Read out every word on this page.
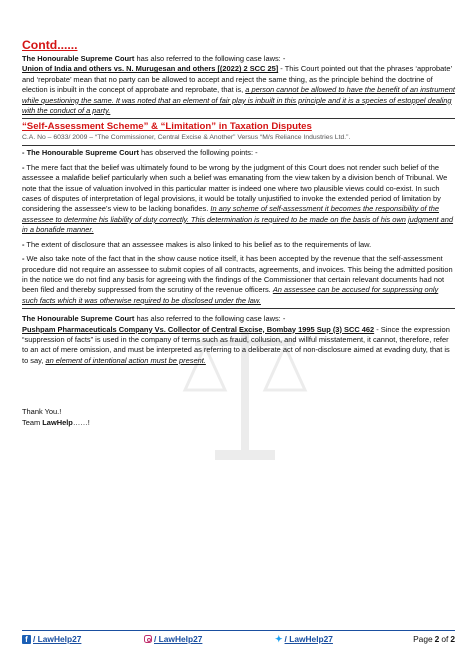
Contd......
The Honourable Supreme Court has also referred to the following case laws: -
Union of India and others vs. N. Murugesan and others [(2022) 2 SCC 25] - This Court pointed out that the phrases ‘approbate’ and ‘reprobate’ mean that no party can be allowed to accept and reject the same thing, as the principle behind the doctrine of election is inbuilt in the concept of approbate and reprobate, that is, a person cannot be allowed to have the benefit of an instrument while questioning the same. It was noted that an element of fair play is inbuilt in this principle and it is a species of estoppel dealing with the conduct of a party.
“Self-Assessment Scheme” & “Limitation” in Taxation Disputes
C.A. No – 6033/ 2009 – “The Commissioner, Central Excise & Another” Versus “M/s Reliance Industries Ltd.”.

- The Honourable Supreme Court has observed the following points: -

- The mere fact that the belief was ultimately found to be wrong by the judgment of this Court does not render such belief of the assessee a malafide belief particularly when such a belief was emanating from the view taken by a division bench of Tribunal. We note that the issue of valuation involved in this particular matter is indeed one where two plausible views could co-exist. In such cases of disputes of interpretation of legal provisions, it would be totally unjustified to invoke the extended period of limitation by considering the assessee’s view to be lacking bonafides. In any scheme of self-assessment it becomes the responsibility of the assessee to determine his liability of duty correctly. This determination is required to be made on the basis of his own judgment and in a bonafide manner.

- The extent of disclosure that an assessee makes is also linked to his belief as to the requirements of law.

- We also take note of the fact that in the show cause notice itself, it has been accepted by the revenue that the self-assessment procedure did not require an assessee to submit copies of all contracts, agreements, and invoices. This being the admitted position in the notice we do not find any basis for agreeing with the findings of the Commissioner that certain relevant documents had not been filed and thereby suppressed from the scrutiny of the revenue officers. An assessee can be accused for suppressing only such facts which it was otherwise required to be disclosed under the law.

The Honourable Supreme Court has also referred to the following case laws: -
Pushpam Pharmaceuticals Company Vs. Collector of Central Excise, Bombay 1995 Sup (3) SCC 462 - Since the expression “suppression of facts” is used in the company of terms such as fraud, collusion, and willful misstatement, it cannot, therefore, refer to an act of mere omission, and must be interpreted as referring to a deliberate act of non-disclosure aimed at evading duty, that is to say, an element of intentional action must be present.
Thank You.!
Team LawHelp……!
f / LawHelp27	/ LawHelp27	✦ / LawHelp27	Page 2 of 2
